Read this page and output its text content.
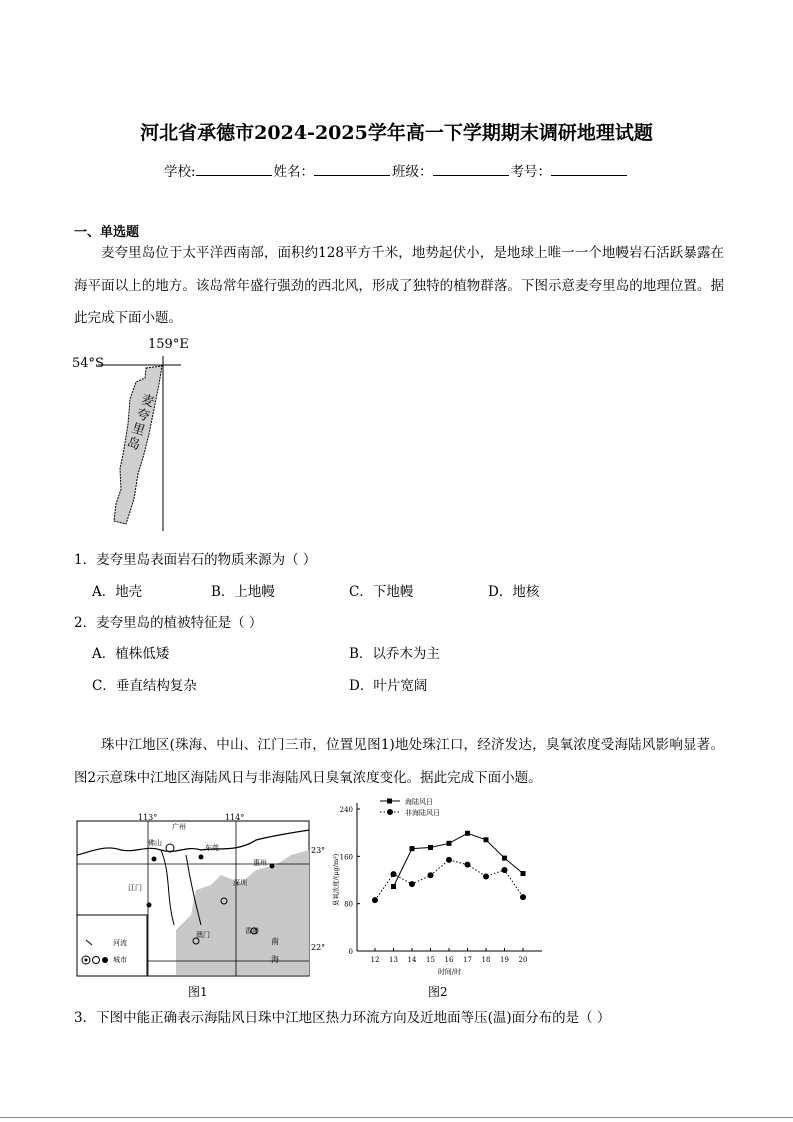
河北省承德市2024-2025学年高一下学期期末调研地理试题
学校:	姓名：	班级：	考号：
一、单选题
麦夸里岛位于太平洋西南部，面积约128平方千米，地势起伏小，是地球上唯一一个地幔岩石活跃暴露在海平面以上的地方。该岛常年盛行强劲的西北风，形成了独特的植物群落。下图示意麦夸里岛的地理位置。据此完成下面小题。
159°E
54°S
麦夸里岛
1．麦夸里岛表面岩石的物质来源为（ ）
A．地壳	B．上地幔	C．下地幔	D．地核
2．麦夸里岛的植被特征是（ ）
A．植株低矮	B．以乔木为主
C．垂直结构复杂	D．叶片宽阔
珠中江地区(珠海、中山、江门三市，位置见图1)地处珠江口，经济发达，臭氧浓度受海陆风影响显著。图2示意珠中江地区海陆风日与非海陆风日臭氧浓度变化。据此完成下面小题。
113°	114°
23°
22°
广州
佛山
东莞
惠州
江门
深圳
澳门	香港
南
海
河流
城市
图1
0
80
160
240
12 13 14 15 16 17 18 19 20
时间/时
臭氧浓度/(μg/m³)
海陆风日
非海陆风日
图2
3．下图中能正确表示海陆风日珠中江地区热力环流方向及近地面等压(温)面分布的是（ ）
